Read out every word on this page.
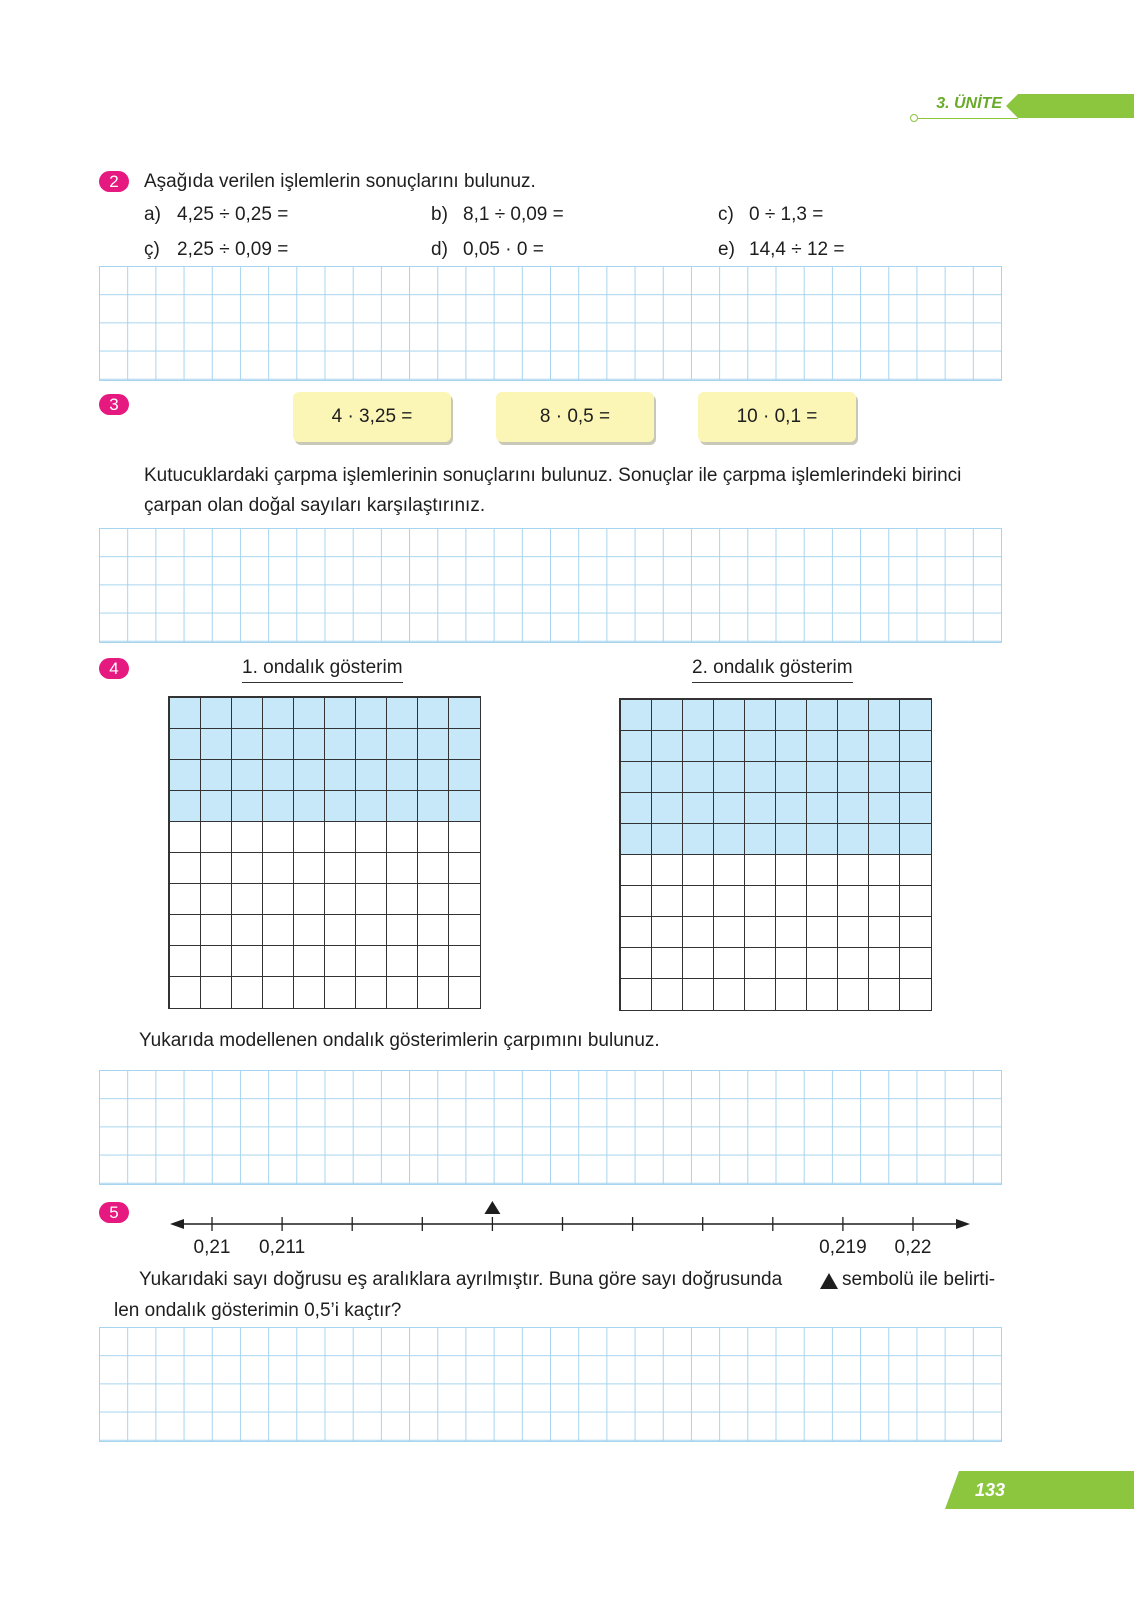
3. ÜNİTE
2	Aşağıda verilen işlemlerin sonuçlarını bulunuz.
a) 4,25 ÷ 0,25 =	b) 8,1 ÷ 0,09 =	c) 0 ÷ 1,3 =
ç) 2,25 ÷ 0,09 =	d) 0,05 · 0 =	e) 14,4 ÷ 12 =
3
4 · 3,25 =	8 · 0,5 =	10 · 0,1 =
Kutucuklardaki çarpma işlemlerinin sonuçlarını bulunuz. Sonuçlar ile çarpma işlemlerindeki birinci
çarpan olan doğal sayıları karşılaştırınız.
4	1. ondalık gösterim	2. ondalık gösterim
Yukarıda modellenen ondalık gösterimlerin çarpımını bulunuz.
5
0,21 0,211	0,219 0,22
Yukarıdaki sayı doğrusu eş aralıklara ayrılmıştır. Buna göre sayı doğrusunda	sembolü ile belirti-
len ondalık gösterimin 0,5’i kaçtır?
133
